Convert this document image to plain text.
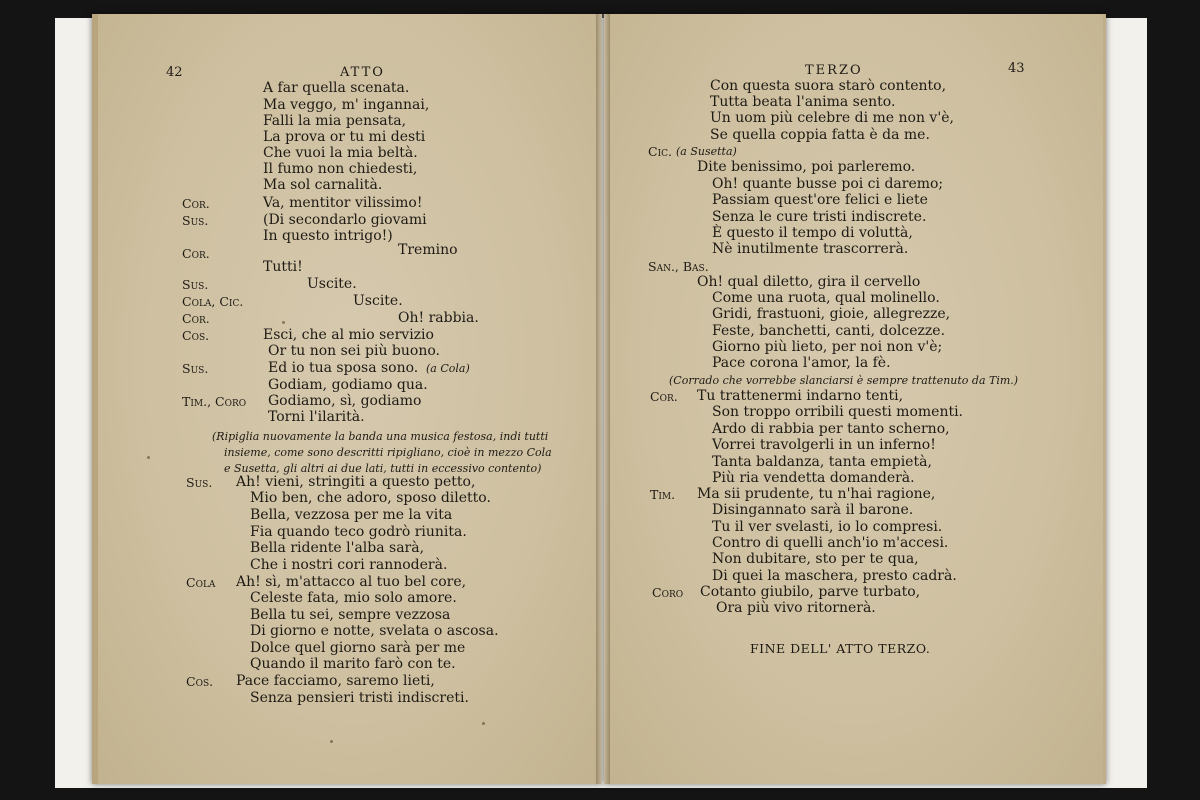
42	ATTO	TERZO	43
FINE DELL' ATTO TERZO.
A far quella scenata.
Ma veggo, m' ingannai,
Falli la mia pensata,
La prova or tu mi desti
Che vuoi la mia beltà.
Il fumo non chiedesti,
Ma sol carnalità.
Cor.	Va, mentitor vilissimo!
Sus.	(Di secondarlo giovami
In questo intrigo!)
Cor.	Tremino
Tutti!
Sus.	Uscite.
Cola, Cic.	Uscite.
Cor.	Oh! rabbia.
Cos.	Esci, che al mio servizio
Or tu non sei più buono.
Sus.	Ed io tua sposa sono. (a Cola)
Godiam, godiamo qua.
Tim., Coro Godiamo, sì, godiamo
Torni l'ilarità.
(Ripiglia nuovamente la banda una musica festosa, indi tutti
insieme, come sono descritti ripigliano, cioè in mezzo Cola
e Susetta, gli altri ai due lati, tutti in eccessivo contento)
Sus. Ah! vieni, stringiti a questo petto,
Mio ben, che adoro, sposo diletto.
Bella, vezzosa per me la vita
Fia quando teco godrò riunita.
Bella ridente l'alba sarà,
Che i nostri cori rannoderà.
Cola Ah! sì, m'attacco al tuo bel core,
Celeste fata, mio solo amore.
Bella tu sei, sempre vezzosa
Di giorno e notte, svelata o ascosa.
Dolce quel giorno sarà per me
Quando il marito farò con te.
Cos. Pace facciamo, saremo lieti,
Senza pensieri tristi indiscreti.
Con questa suora starò contento,
Tutta beata l'anima sento.
Un uom più celebre di me non v'è,
Se quella coppia fatta è da me.
Cic. (a Susetta)
Dite benissimo, poi parleremo.
Oh! quante busse poi ci daremo;
Passiam quest'ore felici e liete
Senza le cure tristi indiscrete.
È questo il tempo di voluttà,
Nè inutilmente trascorrerà.
San., Bas.
Oh! qual diletto, gira il cervello
Come una ruota, qual molinello.
Gridi, frastuoni, gioie, allegrezze,
Feste, banchetti, canti, dolcezze.
Giorno più lieto, per noi non v'è;
Pace corona l'amor, la fè.
(Corrado che vorrebbe slanciarsi è sempre trattenuto da Tim.)
Cor. Tu trattenermi indarno tenti,
Son troppo orribili questi momenti.
Ardo di rabbia per tanto scherno,
Vorrei travolgerli in un inferno!
Tanta baldanza, tanta empietà,
Più ria vendetta domanderà.
Tim. Ma sii prudente, tu n'hai ragione,
Disingannato sarà il barone.
Tu il ver svelasti, io lo compresi.
Contro di quelli anch'io m'accesi.
Non dubitare, sto per te qua,
Di quei la maschera, presto cadrà.
Coro Cotanto giubilo, parve turbato,
Ora più vivo ritornerà.
